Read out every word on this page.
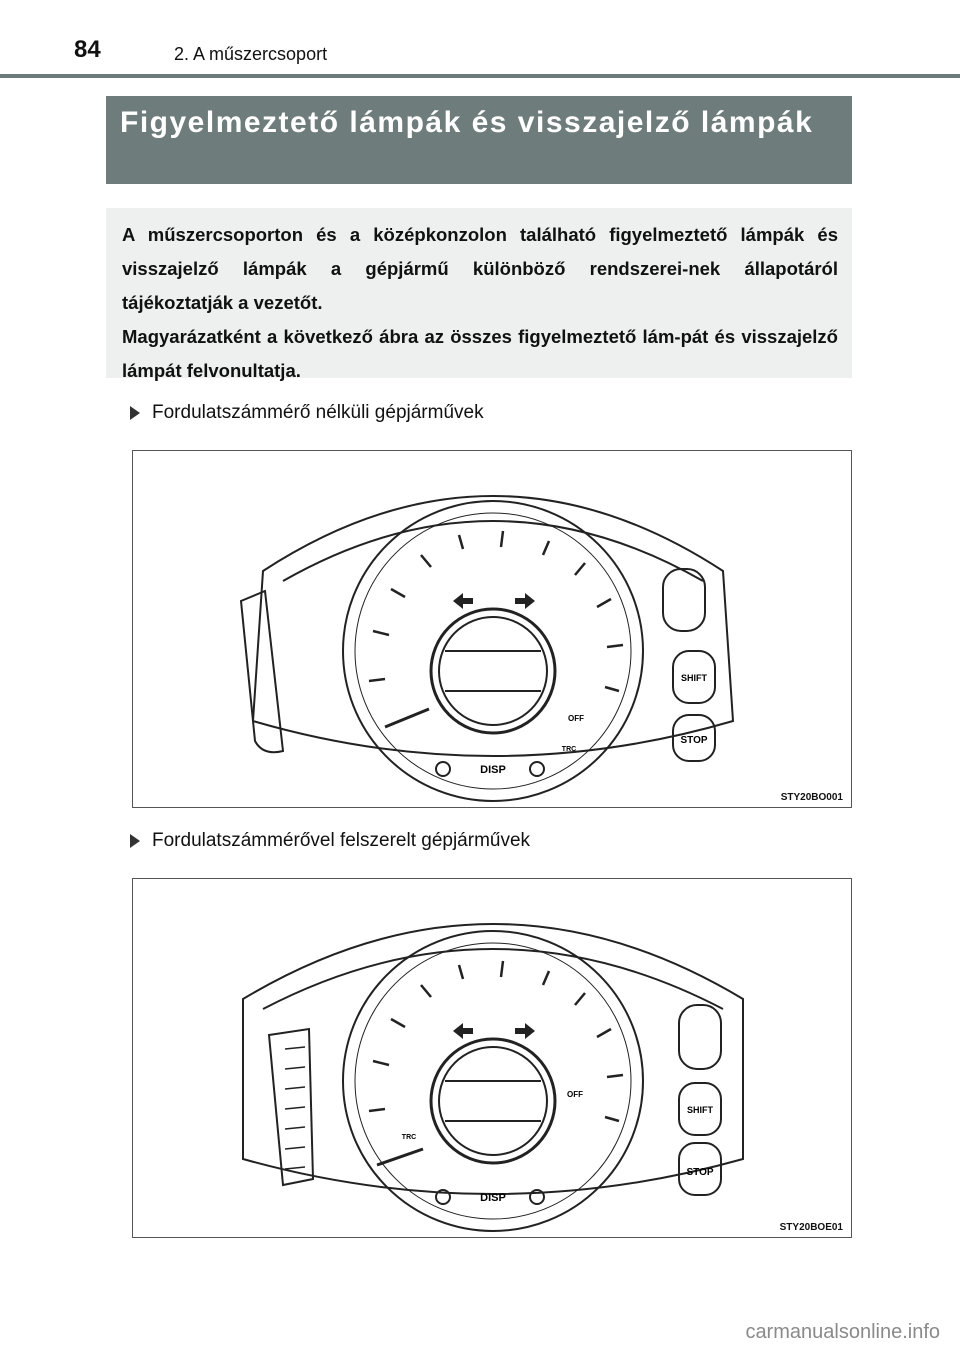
84	2. A műszercsoport
Figyelmeztető lámpák és visszajelző lámpák

A műszercsoporton és a középkonzolon található figyelmeztető lámpák és visszajelző lámpák a gépjármű különböző rendszerei-nek állapotáról tájékoztatják a vezetőt.

Magyarázatként a következő ábra az összes figyelmeztető lám-pát és visszajelző lámpát felvonultatja.

Fordulatszámmérő nélküli gépjárművek
DISP
SHIFT
STOP
OFF
TRC
STY20BO001
Fordulatszámmérővel felszerelt gépjárművek
DISP
SHIFT
STOP
OFF
TRC
STY20BOE01
carmanualsonline.info
